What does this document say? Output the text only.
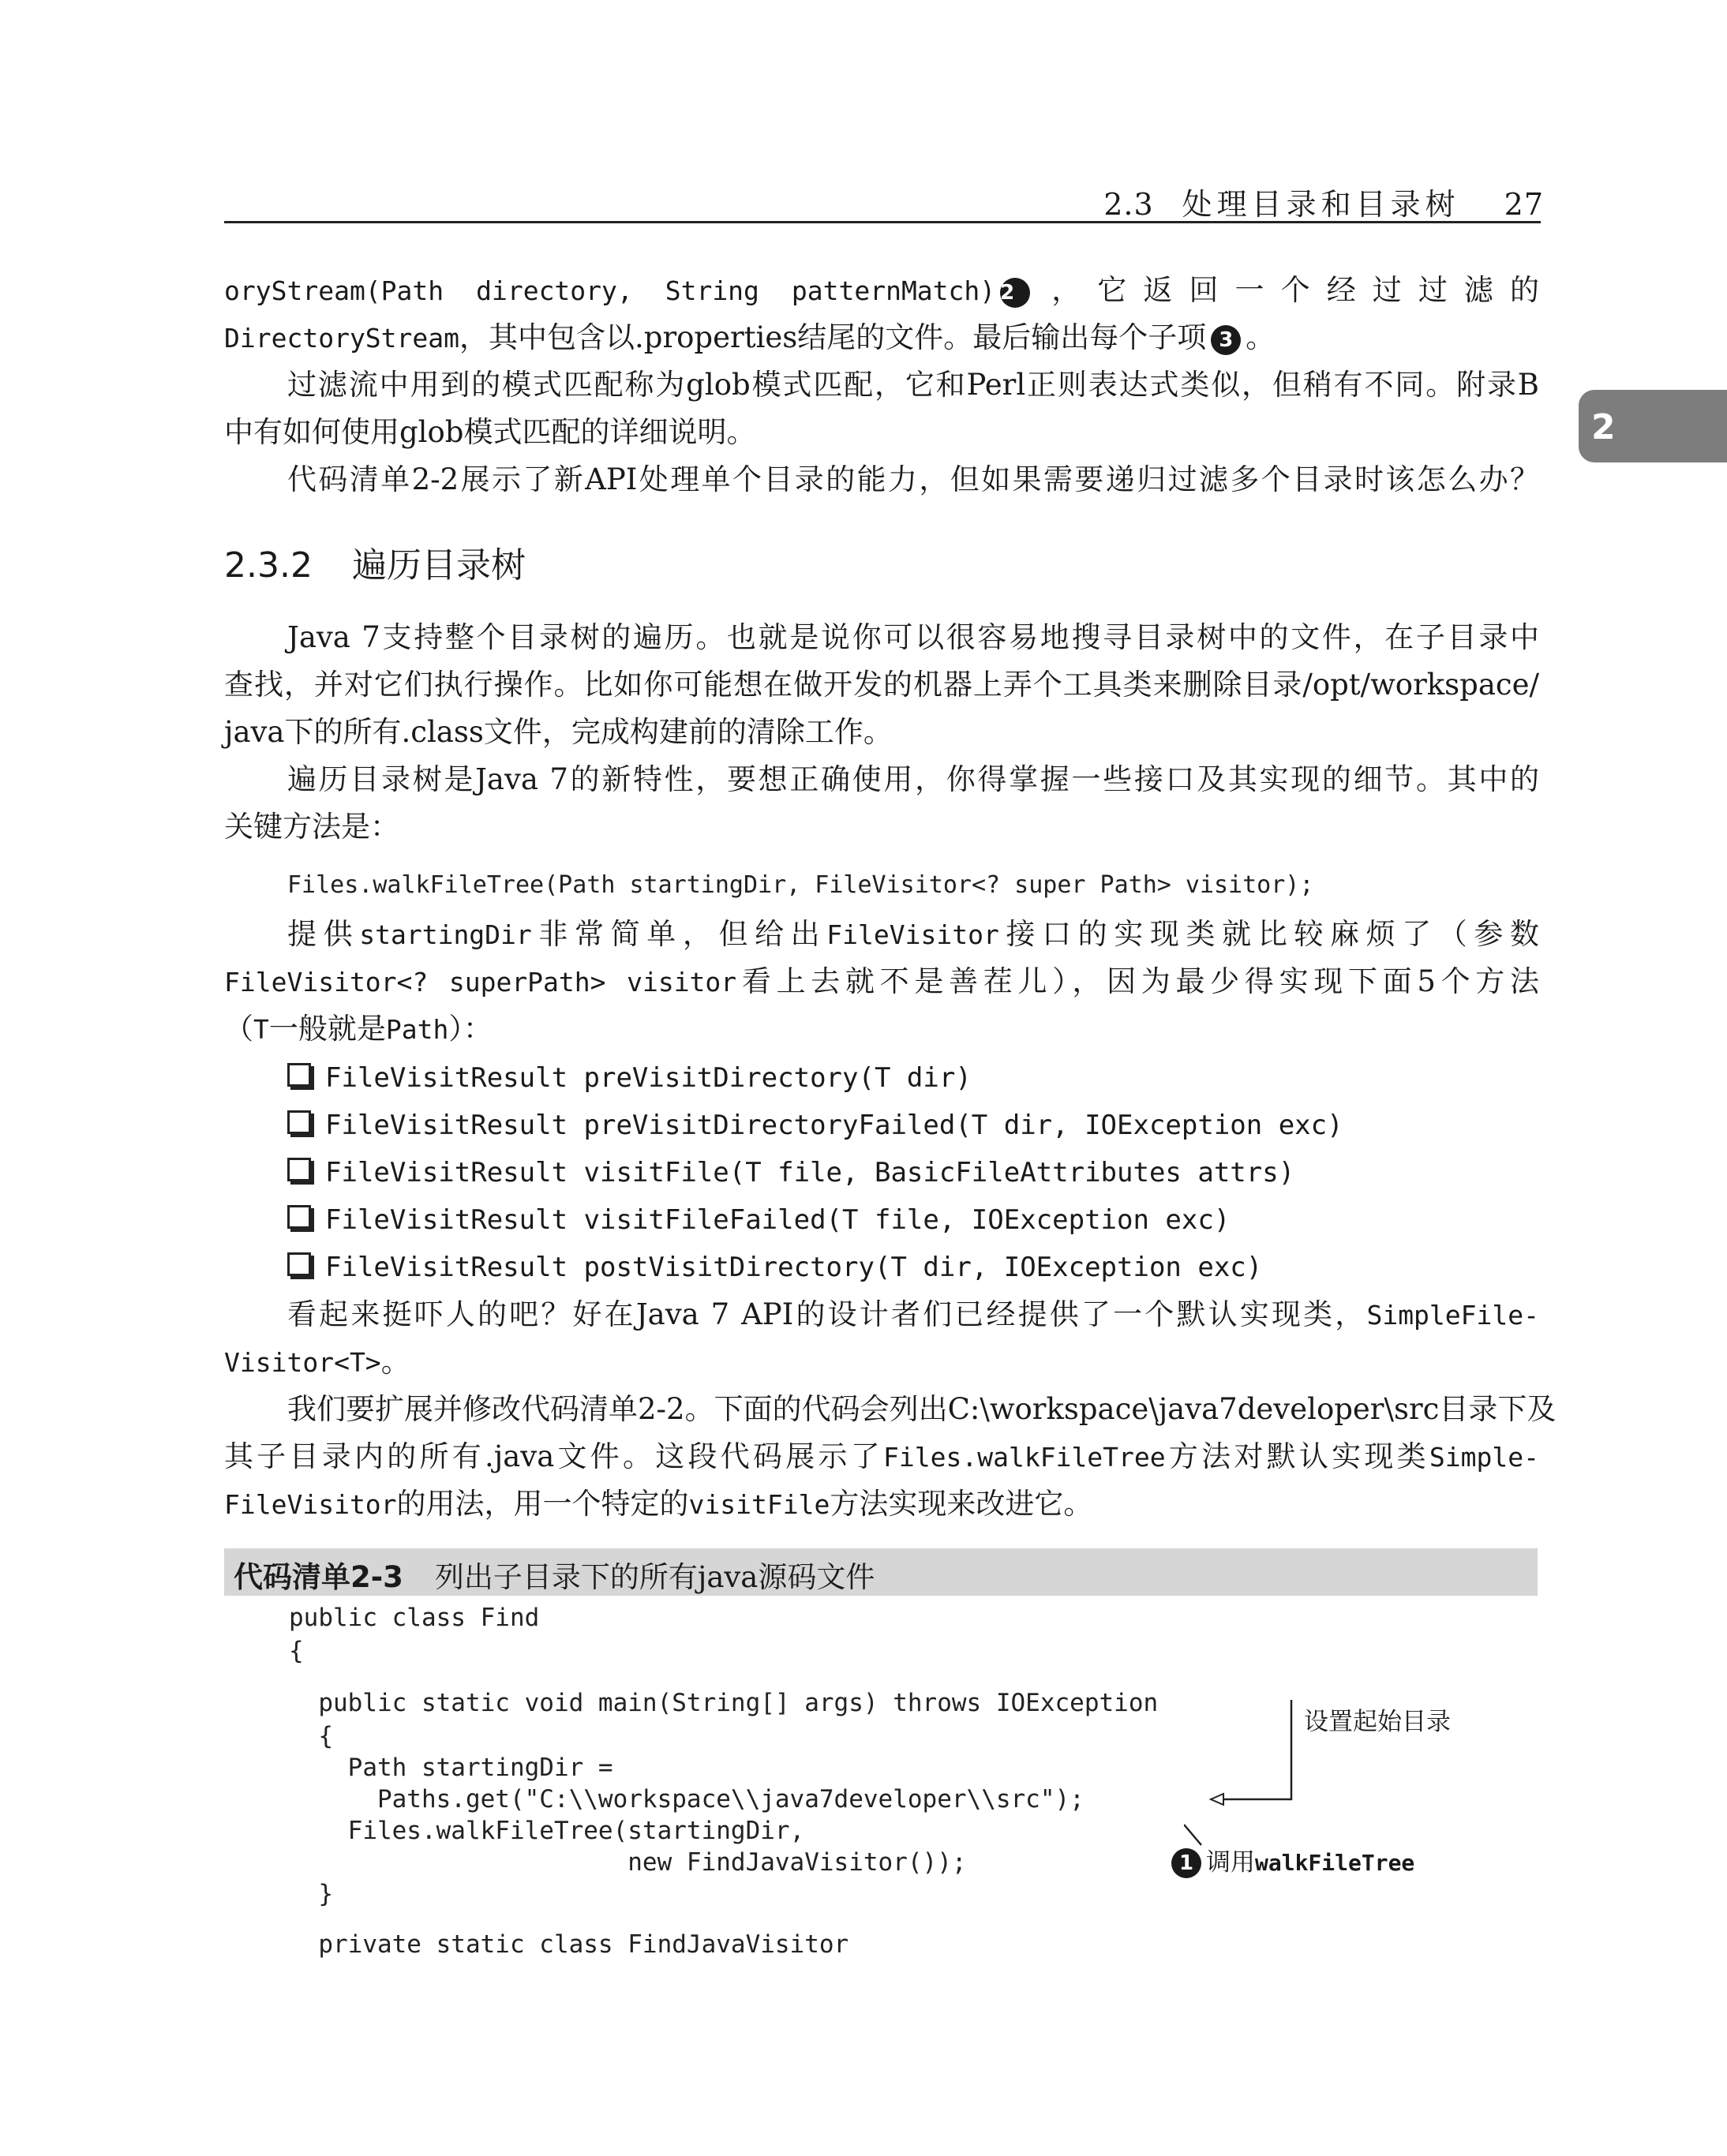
2.3 处理目录和目录树 27
2
oryStream(Path directory, String patternMatch) 2 ，它返回一个经过过滤的
DirectoryStream，其中包含以.properties结尾的文件。最后输出每个子项 3 。
过滤流中用到的模式匹配称为glob模式匹配，它和Perl正则表达式类似，但稍有不同。附录B
中有如何使用glob模式匹配的详细说明。
代码清单2-2展示了新API处理单个目录的能力，但如果需要递归过滤多个目录时该怎么办？
2.3.2 遍历目录树
Java 7支持整个目录树的遍历。也就是说你可以很容易地搜寻目录树中的文件，在子目录中
查找，并对它们执行操作。比如你可能想在做开发的机器上弄个工具类来删除目录/opt/workspace/
java下的所有.class文件，完成构建前的清除工作。
遍历目录树是Java 7的新特性，要想正确使用，你得掌握一些接口及其实现的细节。其中的
关键方法是：
Files.walkFileTree(Path startingDir, FileVisitor<? super Path> visitor);
提供startingDir非常简单，但给出FileVisitor接口的实现类就比较麻烦了（参数
FileVisitor<? superPath> visitor看上去就不是善茬儿），因为最少得实现下面5个方法
（T一般就是Path）：
FileVisitResult preVisitDirectory(T dir)
FileVisitResult preVisitDirectoryFailed(T dir, IOException exc)
FileVisitResult visitFile(T file, BasicFileAttributes attrs)
FileVisitResult visitFileFailed(T file, IOException exc)
FileVisitResult postVisitDirectory(T dir, IOException exc)
看起来挺吓人的吧？好在Java 7 API的设计者们已经提供了一个默认实现类，SimpleFile-
Visitor<T>。
我们要扩展并修改代码清单2-2。下面的代码会列出C:\workspace\java7developer\src目录下及
其子目录内的所有.java文件。这段代码展示了Files.walkFileTree方法对默认实现类Simple-
FileVisitor的用法，用一个特定的visitFile方法实现来改进它。
代码清单2-3 列出子目录下的所有java源码文件
public class Find
{
public static void main(String[] args) throws IOException
{
Path startingDir =
Paths.get("C:\\workspace\\java7developer\\src");
Files.walkFileTree(startingDir,
new FindJavaVisitor());
}
private static class FindJavaVisitor
设置起始目录
1 调用walkFileTree
